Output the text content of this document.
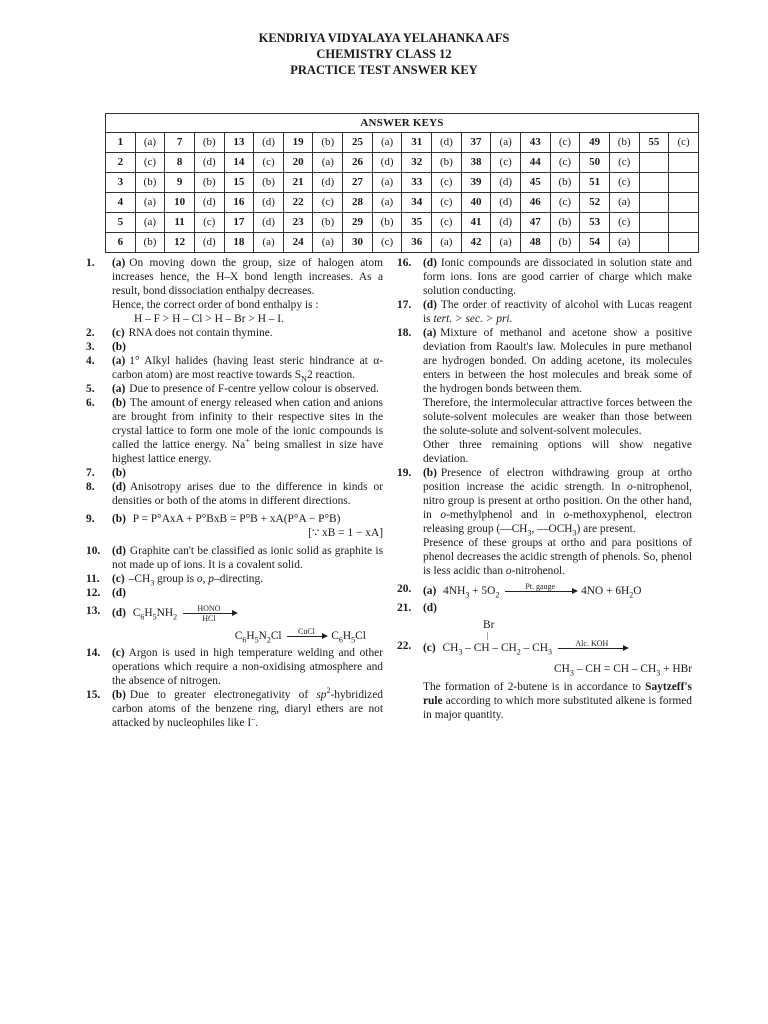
KENDRIYA VIDYALAYA YELAHANKA AFS
CHEMISTRY CLASS 12
PRACTICE TEST ANSWER KEY
ANSWER KEYS																			
1	(a)	7	(b)	13	(d)	19	(b)	25	(a)	31	(d)	37	(a)	43	(c)	49	(b)	55	(c)
2	(c)	8	(d)	14	(c)	20	(a)	26	(d)	32	(b)	38	(c)	44	(c)	50	(c)		
3	(b)	9	(b)	15	(b)	21	(d)	27	(a)	33	(c)	39	(d)	45	(b)	51	(c)		
4	(a)	10	(d)	16	(d)	22	(c)	28	(a)	34	(c)	40	(d)	46	(c)	52	(a)		
5	(a)	11	(c)	17	(d)	23	(b)	29	(b)	35	(c)	41	(d)	47	(b)	53	(c)		
6	(b)	12	(d)	18	(a)	24	(a)	30	(c)	36	(a)	42	(a)	48	(b)	54	(a)		
1. (a) On moving down the group, size of halogen atom increases hence, the H–X bond length increases. As a result, bond dissociation enthalpy decreases.
Hence, the correct order of bond enthalpy is :
H – F > H – Cl > H – Br > H – I.
2. (c) RNA does not contain thymine.
3. (b)
4. (a) 1° Alkyl halides (having least steric hindrance at α-carbon atom) are most reactive towards $S_N2$ reaction.
5. (a) Due to presence of F-centre yellow colour is observed.
6. (b) The amount of energy released when cation and anions are brought from infinity to their respective sites in the crystal lattice to form one mole of the ionic compounds is called the lattice energy. Na+ being smallest in size have highest lattice energy.
7. (b)
8. (d) Anisotropy arises due to the difference in kinds or densities or both of the atoms in different directions.
9. (b) P = P°AxA + P°BxB = P°B + xA(P°A − P°B)
[∵ xB = 1 − xA]
10. (d) Graphite can't be classified as ionic solid as graphite is not made up of ions. It is a covalent solid.
11. (c) $-CH_3$ group is o, p–directing.
12. (d)
13. (d) $C_6H_5NH_2$
HONO
HCl
$C_6H_5N_2Cl$	CuCl
	$C_6H_5Cl$
14. (c) Argon is used in high temperature welding and other operations which require a non-oxidising atmosphere and the absence of nitrogen.
15. (b) Due to greater electronegativity of $sp^2$-hybridized carbon atoms of the benzene ring, diaryl ethers are not attacked by nucleophiles like I–.
16. (d) Ionic compounds are dissociated in solution state and form ions. Ions are good carrier of charge which make solution conducting.
17. (d) The order of reactivity of alcohol with Lucas reagent is tert. > sec. > pri.
18. (a) Mixture of methanol and acetone show a positive deviation from Raoult's law. Molecules in pure methanol are hydrogen bonded. On adding acetone, its molecules enters in between the host molecules and break some of the hydrogen bonds between them.
Therefore, the intermolecular attractive forces between the solute-solvent molecules are weaker than those between the solute-solute and solvent-solvent molecules.
Other three remaining options will show negative deviation.
19. (b) Presence of electron withdrawing group at ortho position increase the acidic strength. In o-nitrophenol, nitro group is present at ortho position. On the other hand, in o-methylphenol and in o-methoxyphenol, electron releasing group ($—CH_3$, $—OCH_3$) are present.
Presence of these groups at ortho and para positions of phenol decreases the acidic strength of phenols. So, phenol is less acidic than o-nitrohenol.
20. (a) $4NH_3 + 5O_2$
Pt. gauge
	$4NO + 6H_2O$
21. (d)
Br
|
22. (c) $CH_3$ – CH – $CH_2 - CH_3$
Alc. KOH

$CH_3$ – CH = CH – $CH_3$ + HBr
The formation of 2-butene is in accordance to Saytzeff's rule according to which more substituted alkene is formed in major quantity.
